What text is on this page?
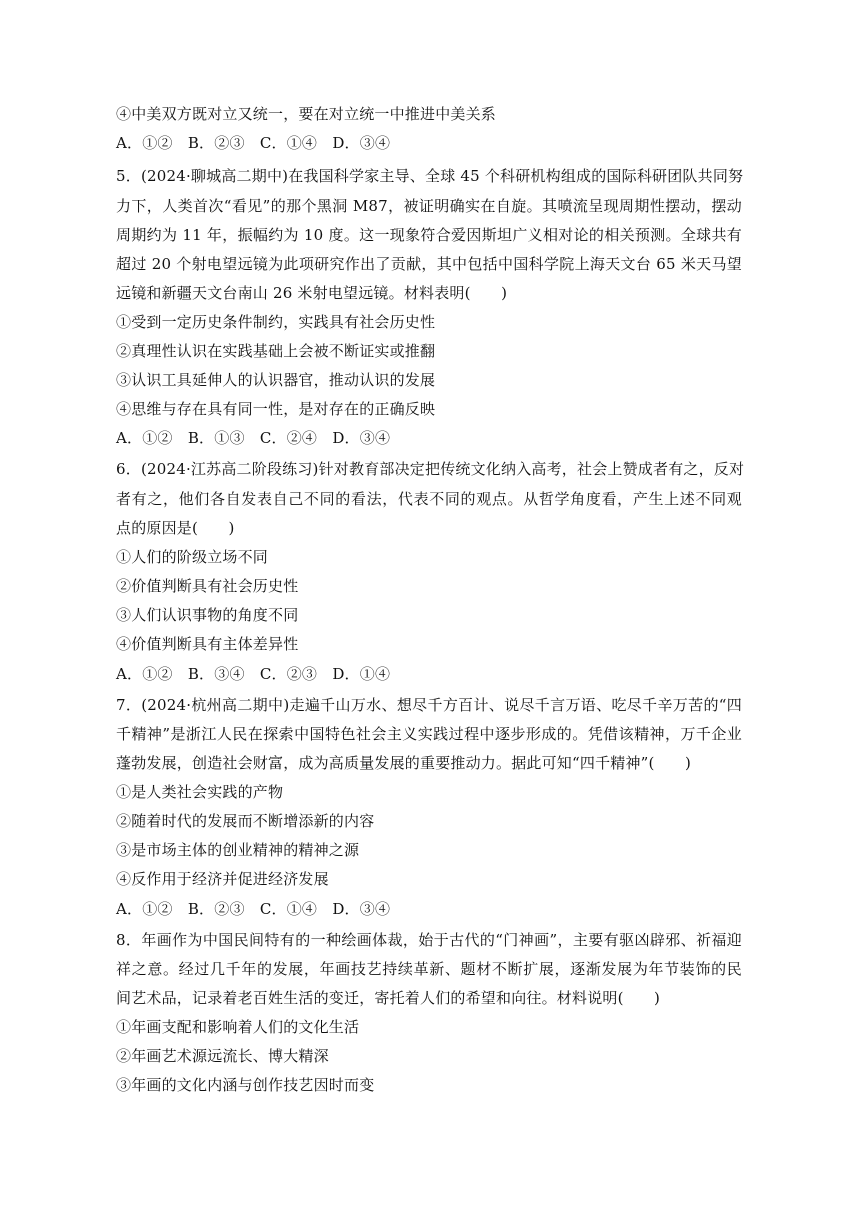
④中美双方既对立又统一，要在对立统一中推进中美关系
A．①②　B．②③　C．①④　D．③④
5．(2024·聊城高二期中)在我国科学家主导、全球 45 个科研机构组成的国际科研团队共同努
力下，人类首次“看见”的那个黑洞 M87，被证明确实在自旋。其喷流呈现周期性摆动，摆动
周期约为 11 年，振幅约为 10 度。这一现象符合爱因斯坦广义相对论的相关预测。全球共有
超过 20 个射电望远镜为此项研究作出了贡献，其中包括中国科学院上海天文台 65 米天马望
远镜和新疆天文台南山 26 米射电望远镜。材料表明(　　)
①受到一定历史条件制约，实践具有社会历史性
②真理性认识在实践基础上会被不断证实或推翻
③认识工具延伸人的认识器官，推动认识的发展
④思维与存在具有同一性，是对存在的正确反映
A．①②　B．①③　C．②④　D．③④
6．(2024·江苏高二阶段练习)针对教育部决定把传统文化纳入高考，社会上赞成者有之，反对
者有之，他们各自发表自己不同的看法，代表不同的观点。从哲学角度看，产生上述不同观
点的原因是(　　)
①人们的阶级立场不同
②价值判断具有社会历史性
③人们认识事物的角度不同
④价值判断具有主体差异性
A．①②　B．③④　C．②③　D．①④
7．(2024·杭州高二期中)走遍千山万水、想尽千方百计、说尽千言万语、吃尽千辛万苦的“四
千精神”是浙江人民在探索中国特色社会主义实践过程中逐步形成的。凭借该精神，万千企业
蓬勃发展，创造社会财富，成为高质量发展的重要推动力。据此可知“四千精神”(　　)
①是人类社会实践的产物
②随着时代的发展而不断增添新的内容
③是市场主体的创业精神的精神之源
④反作用于经济并促进经济发展
A．①②　B．②③　C．①④　D．③④
8．年画作为中国民间特有的一种绘画体裁，始于古代的“门神画”，主要有驱凶辟邪、祈福迎
祥之意。经过几千年的发展，年画技艺持续革新、题材不断扩展，逐渐发展为年节装饰的民
间艺术品，记录着老百姓生活的变迁，寄托着人们的希望和向往。材料说明(　　)
①年画支配和影响着人们的文化生活
②年画艺术源远流长、博大精深
③年画的文化内涵与创作技艺因时而变
